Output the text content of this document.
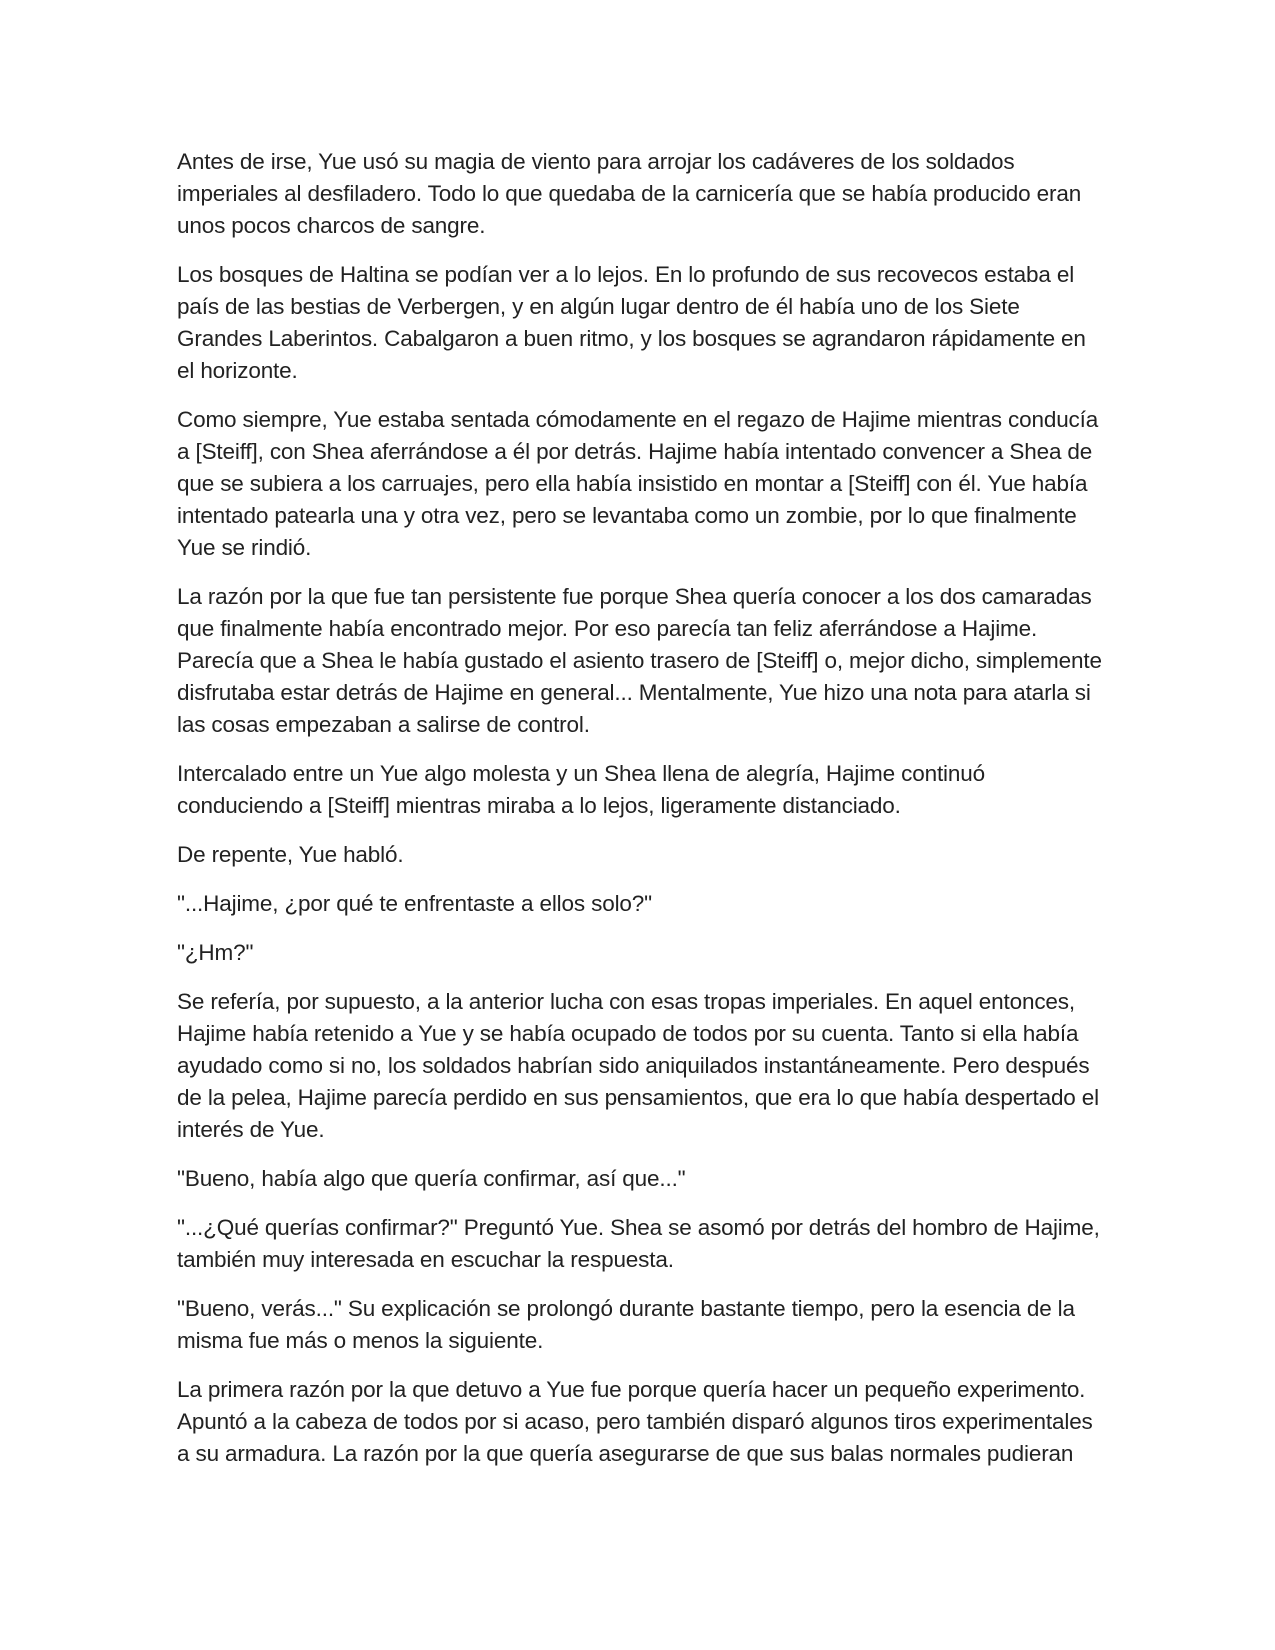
Antes de irse, Yue usó su magia de viento para arrojar los cadáveres de los soldados imperiales al desfiladero. Todo lo que quedaba de la carnicería que se había producido eran unos pocos charcos de sangre.

Los bosques de Haltina se podían ver a lo lejos. En lo profundo de sus recovecos estaba el país de las bestias de Verbergen, y en algún lugar dentro de él había uno de los Siete Grandes Laberintos. Cabalgaron a buen ritmo, y los bosques se agrandaron rápidamente en el horizonte.

Como siempre, Yue estaba sentada cómodamente en el regazo de Hajime mientras conducía a [Steiff], con Shea aferrándose a él por detrás. Hajime había intentado convencer a Shea de que se subiera a los carruajes, pero ella había insistido en montar a [Steiff] con él. Yue había intentado patearla una y otra vez, pero se levantaba como un zombie, por lo que finalmente Yue se rindió.

La razón por la que fue tan persistente fue porque Shea quería conocer a los dos camaradas que finalmente había encontrado mejor. Por eso parecía tan feliz aferrándose a Hajime. Parecía que a Shea le había gustado el asiento trasero de [Steiff] o, mejor dicho, simplemente disfrutaba estar detrás de Hajime en general... Mentalmente, Yue hizo una nota para atarla si las cosas empezaban a salirse de control.

Intercalado entre un Yue algo molesta y un Shea llena de alegría, Hajime continuó conduciendo a [Steiff] mientras miraba a lo lejos, ligeramente distanciado.

De repente, Yue habló.

"...Hajime, ¿por qué te enfrentaste a ellos solo?"

"¿Hm?"

Se refería, por supuesto, a la anterior lucha con esas tropas imperiales. En aquel entonces, Hajime había retenido a Yue y se había ocupado de todos por su cuenta. Tanto si ella había ayudado como si no, los soldados habrían sido aniquilados instantáneamente. Pero después de la pelea, Hajime parecía perdido en sus pensamientos, que era lo que había despertado el interés de Yue.

"Bueno, había algo que quería confirmar, así que..."

"...¿Qué querías confirmar?" Preguntó Yue. Shea se asomó por detrás del hombro de Hajime, también muy interesada en escuchar la respuesta.

"Bueno, verás..." Su explicación se prolongó durante bastante tiempo, pero la esencia de la misma fue más o menos la siguiente.

La primera razón por la que detuvo a Yue fue porque quería hacer un pequeño experimento. Apuntó a la cabeza de todos por si acaso, pero también disparó algunos tiros experimentales a su armadura. La razón por la que quería asegurarse de que sus balas normales pudieran
